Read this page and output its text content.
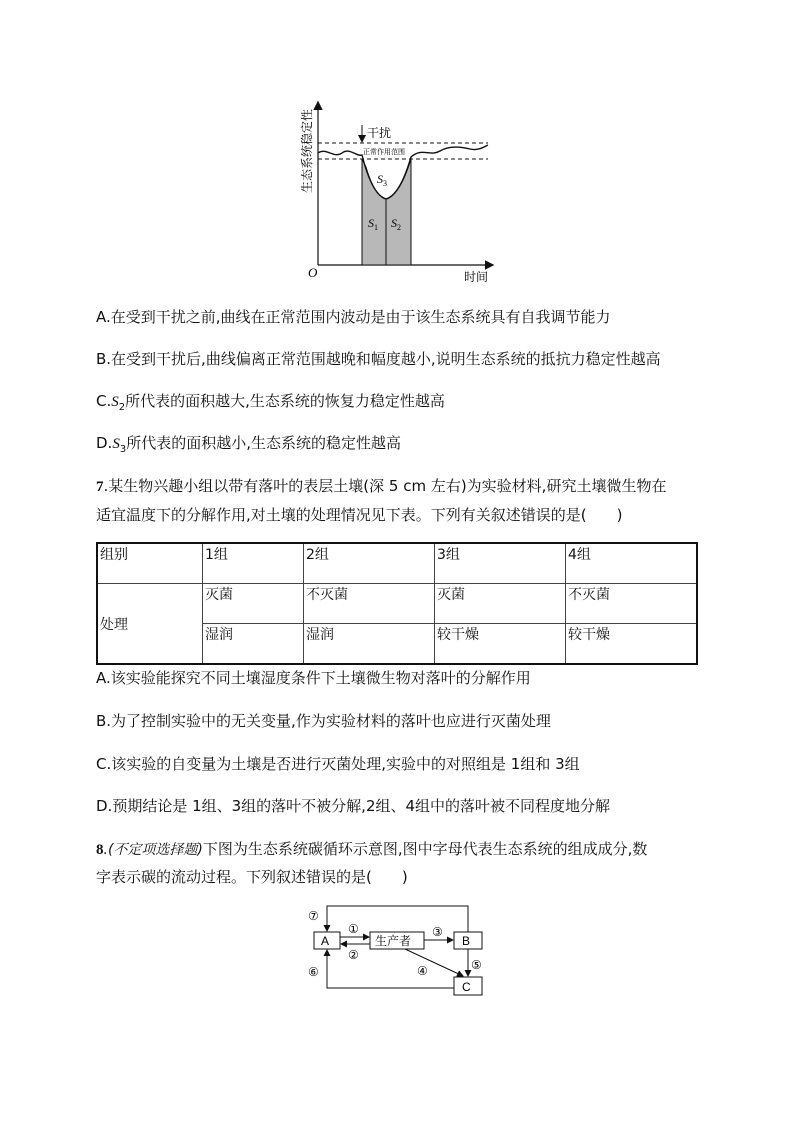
干扰
正常作用范围
$S_3$
$S_1$ $S_2$
O	时间
生态系统稳定性
A.在受到干扰之前,曲线在正常范围内波动是由于该生态系统具有自我调节能力
B.在受到干扰后,曲线偏离正常范围越晚和幅度越小,说明生态系统的抵抗力稳定性越高
$C.S_2$所代表的面积越大,生态系统的恢复力稳定性越高
$D.S_3$所代表的面积越小,生态系统的稳定性越高
7.某生物兴趣小组以带有落叶的表层土壤(深 5 cm 左右)为实验材料,研究土壤微生物在
适宜温度下的分解作用,对土壤的处理情况见下表。下列有关叙述错误的是(　　)
组别	1组	2组	3组	4组
处理	灭菌	不灭菌	灭菌	不灭菌
	湿润	湿润	较干燥	较干燥
A.该实验能探究不同土壤湿度条件下土壤微生物对落叶的分解作用
B.为了控制实验中的无关变量,作为实验材料的落叶也应进行灭菌处理
C.该实验的自变量为土壤是否进行灭菌处理,实验中的对照组是 1组和 3组
D.预期结论是 1组、3组的落叶不被分解,2组、4组中的落叶被不同程度地分解
8.(不定项选择题)下图为生态系统碳循环示意图,图中字母代表生态系统的组成成分,数
字表示碳的流动过程。下列叙述错误的是(　　)
A	生产者	B
C
⑦
①
②
③
④	⑤
⑥
